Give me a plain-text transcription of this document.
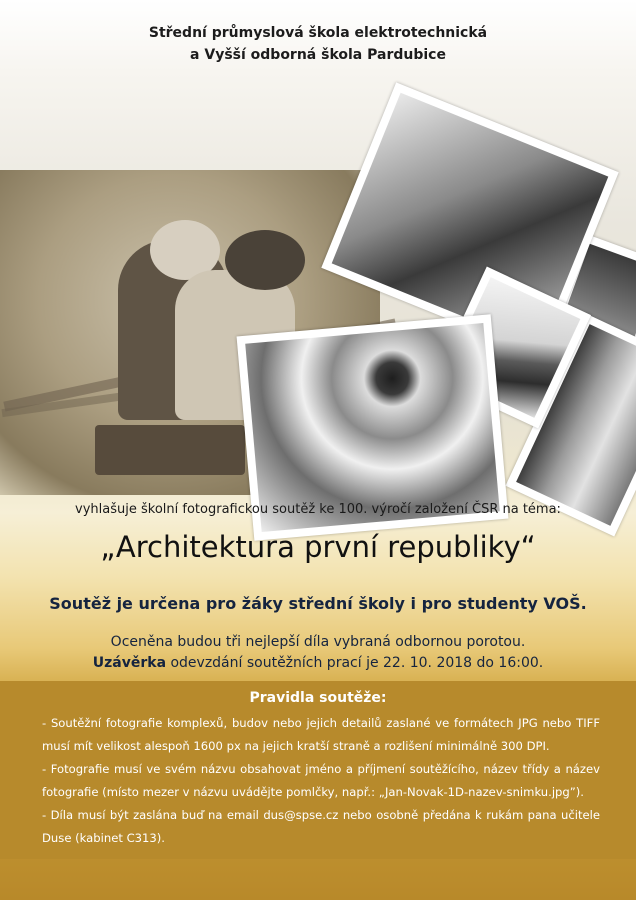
Střední průmyslová škola elektrotechnická
a Vyšší odborná škola Pardubice
vyhlašuje školní fotografickou soutěž ke 100. výročí založení ČSR na téma:
„Architektura první republiky“
Soutěž je určena pro žáky střední školy i pro studenty VOŠ.
Oceněna budou tři nejlepší díla vybraná odbornou porotou.
Uzávěrka odevzdání soutěžních prací je 22. 10. 2018 do 16:00.
Pravidla soutěže:

- Soutěžní fotografie komplexů, budov nebo jejich detailů zaslané ve formátech JPG nebo TIFF musí mít velikost alespoň 1600 px na jejich kratší straně a rozlišení minimálně 300 DPI.

- Fotografie musí ve svém názvu obsahovat jméno a příjmení soutěžícího, název třídy a název fotografie (místo mezer v názvu uvádějte pomlčky, např.: „Jan-Novak-1D-nazev-snimku.jpg”).

- Díla musí být zaslána buď na email dus@spse.cz nebo osobně předána k rukám pana učitele Duse (kabinet C313).
